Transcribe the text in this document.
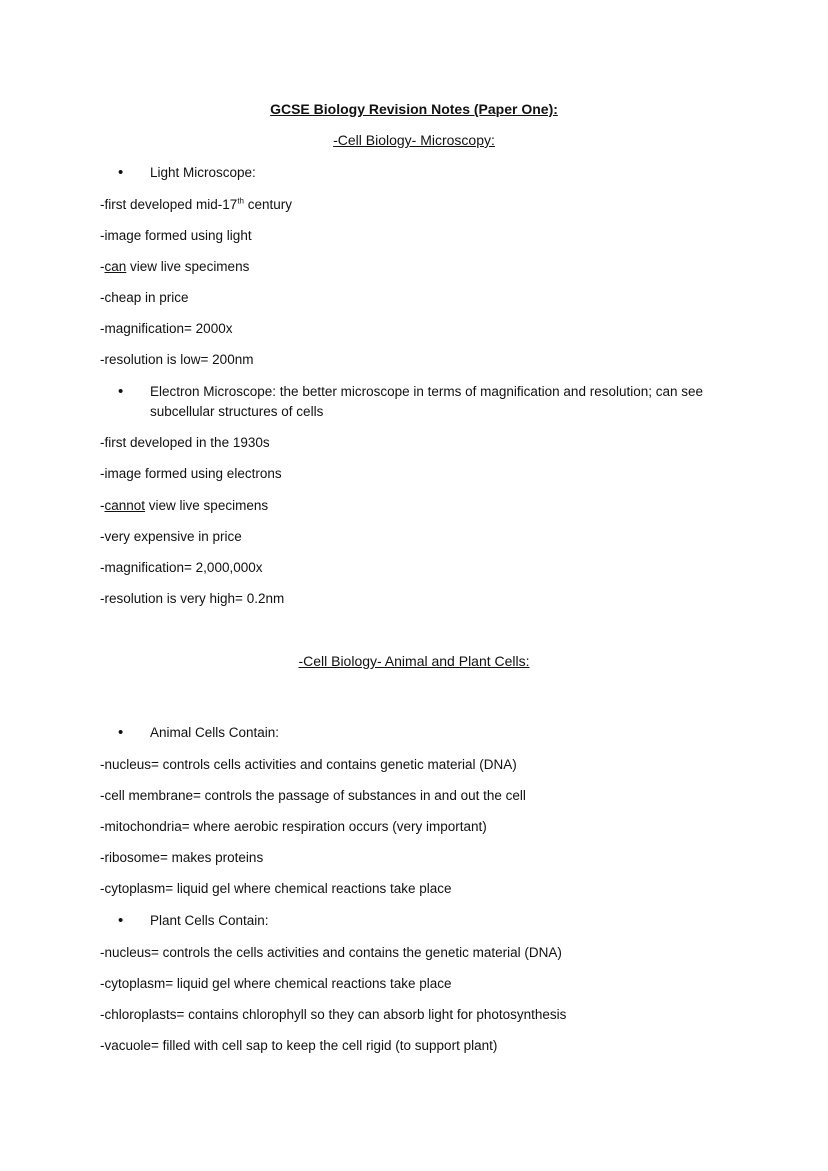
GCSE Biology Revision Notes (Paper One):
-Cell Biology- Microscopy:
• Light Microscope:
-first developed mid-17th century
-image formed using light
-can view live specimens
-cheap in price
-magnification= 2000x
-resolution is low= 200nm
• Electron Microscope: the better microscope in terms of magnification and resolution; can see subcellular structures of cells
-first developed in the 1930s
-image formed using electrons
-cannot view live specimens
-very expensive in price
-magnification= 2,000,000x
-resolution is very high= 0.2nm
-Cell Biology- Animal and Plant Cells:
• Animal Cells Contain:
-nucleus= controls cells activities and contains genetic material (DNA)
-cell membrane= controls the passage of substances in and out the cell
-mitochondria= where aerobic respiration occurs (very important)
-ribosome= makes proteins
-cytoplasm= liquid gel where chemical reactions take place
• Plant Cells Contain:
-nucleus= controls the cells activities and contains the genetic material (DNA)
-cytoplasm= liquid gel where chemical reactions take place
-chloroplasts= contains chlorophyll so they can absorb light for photosynthesis
-vacuole= filled with cell sap to keep the cell rigid (to support plant)
